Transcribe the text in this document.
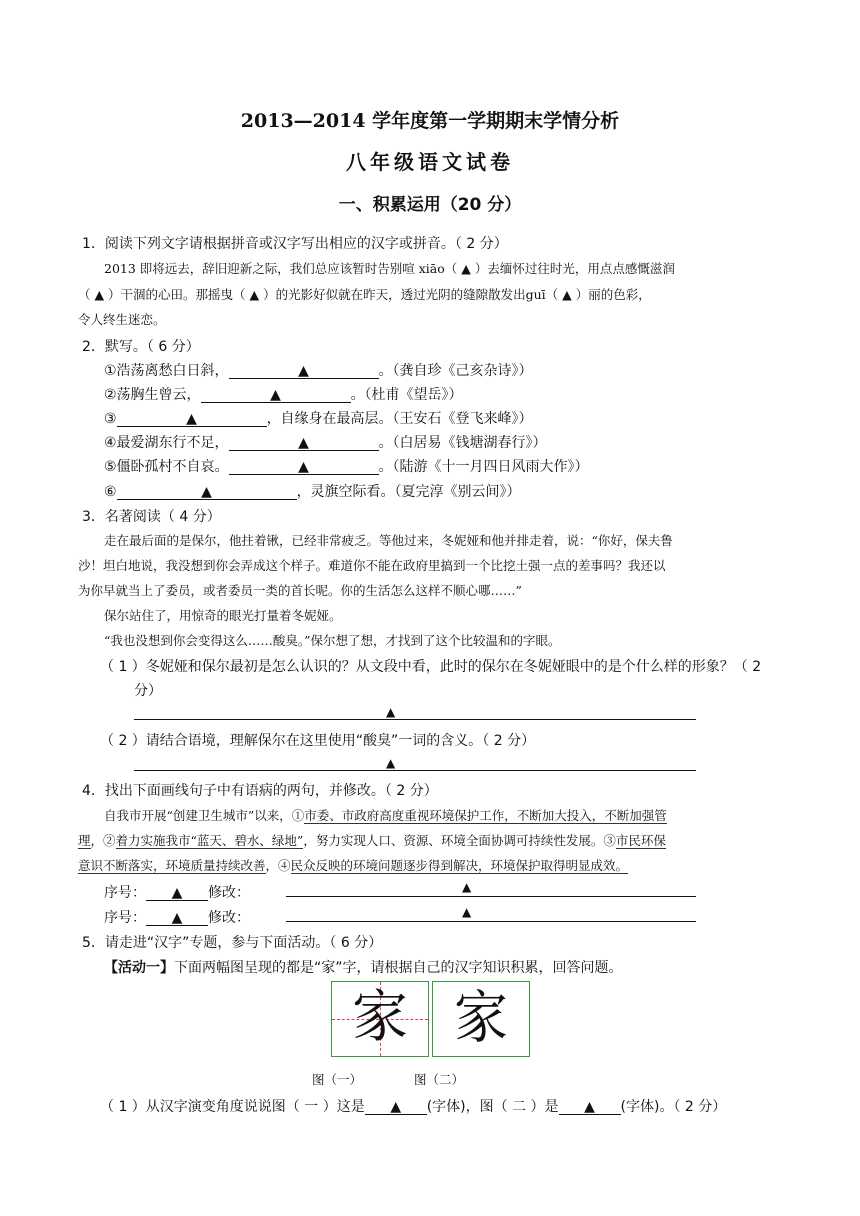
2013—2014 学年度第一学期期末学情分析
八年级语文试卷
一、积累运用（20 分）
1．阅读下列文字请根据拼音或汉字写出相应的汉字或拼音。（ 2 分）
2013 即将远去，辞旧迎新之际，我们总应该暂时告别喧 xiāo（ ▲ ）去缅怀过往时光，用点点感慨滋润
（ ▲ ）干涸的心田。那摇曳（ ▲ ）的光影好似就在昨天，透过光阴的缝隙散发出guī（ ▲ ）丽的色彩，
令人终生迷恋。
2．默写。（ 6 分）
①浩荡离愁白日斜，	▲	。（龚自珍《己亥杂诗》）
②荡胸生曾云，	▲	。（杜甫《望岳》）
③	▲	，自缘身在最高层。（王安石《登飞来峰》）
④最爱湖东行不足，	▲	。（白居易《钱塘湖春行》）
⑤僵卧孤村不自哀。	▲	。（陆游《十一月四日风雨大作》）
⑥	▲	，灵旗空际看。（夏完淳《别云间》）
3．名著阅读（ 4 分）
走在最后面的是保尔，他拄着锹，已经非常疲乏。等他过来，冬妮娅和他并排走着，说：“你好，保夫鲁
沙！坦白地说，我没想到你会弄成这个样子。难道你不能在政府里搞到一个比挖土强一点的差事吗？我还以
为你早就当上了委员，或者委员一类的首长呢。你的生活怎么这样不顺心哪……”
保尔站住了，用惊奇的眼光打量着冬妮娅。
“我也没想到你会变得这么……酸臭。”保尔想了想，才找到了这个比较温和的字眼。
（ 1 ）冬妮娅和保尔最初是怎么认识的？从文段中看，此时的保尔在冬妮娅眼中的是个什么样的形象？（ 2
分）
▲
（ 2 ）请结合语境，理解保尔在这里使用“酸臭”一词的含义。（ 2 分）
▲
4．找出下面画线句子中有语病的两句，并修改。（ 2 分）
自我市开展“创建卫生城市”以来，①市委、市政府高度重视环境保护工作，不断加大投入，不断加强管
理，②着力实施我市“蓝天、碧水、绿地”，努力实现人口、资源、环境全面协调可持续性发展。③市民环保
意识不断落实，环境质量持续改善，④民众反映的环境问题逐步得到解决，环境保护取得明显成效。
序号： ▲ 修改：	▲
序号： ▲ 修改：	▲
5．请走进“汉字”专题，参与下面活动。（ 6 分）
【活动一】下面两幅图呈现的都是“家”字，请根据自己的汉字知识积累，回答问题。
家 家
图（一）	图（二）
（ 1 ）从汉字演变角度说说图（ 一 ）这是 ▲ (字体)，图（ 二 ）是 ▲ (字体)。（ 2 分）
